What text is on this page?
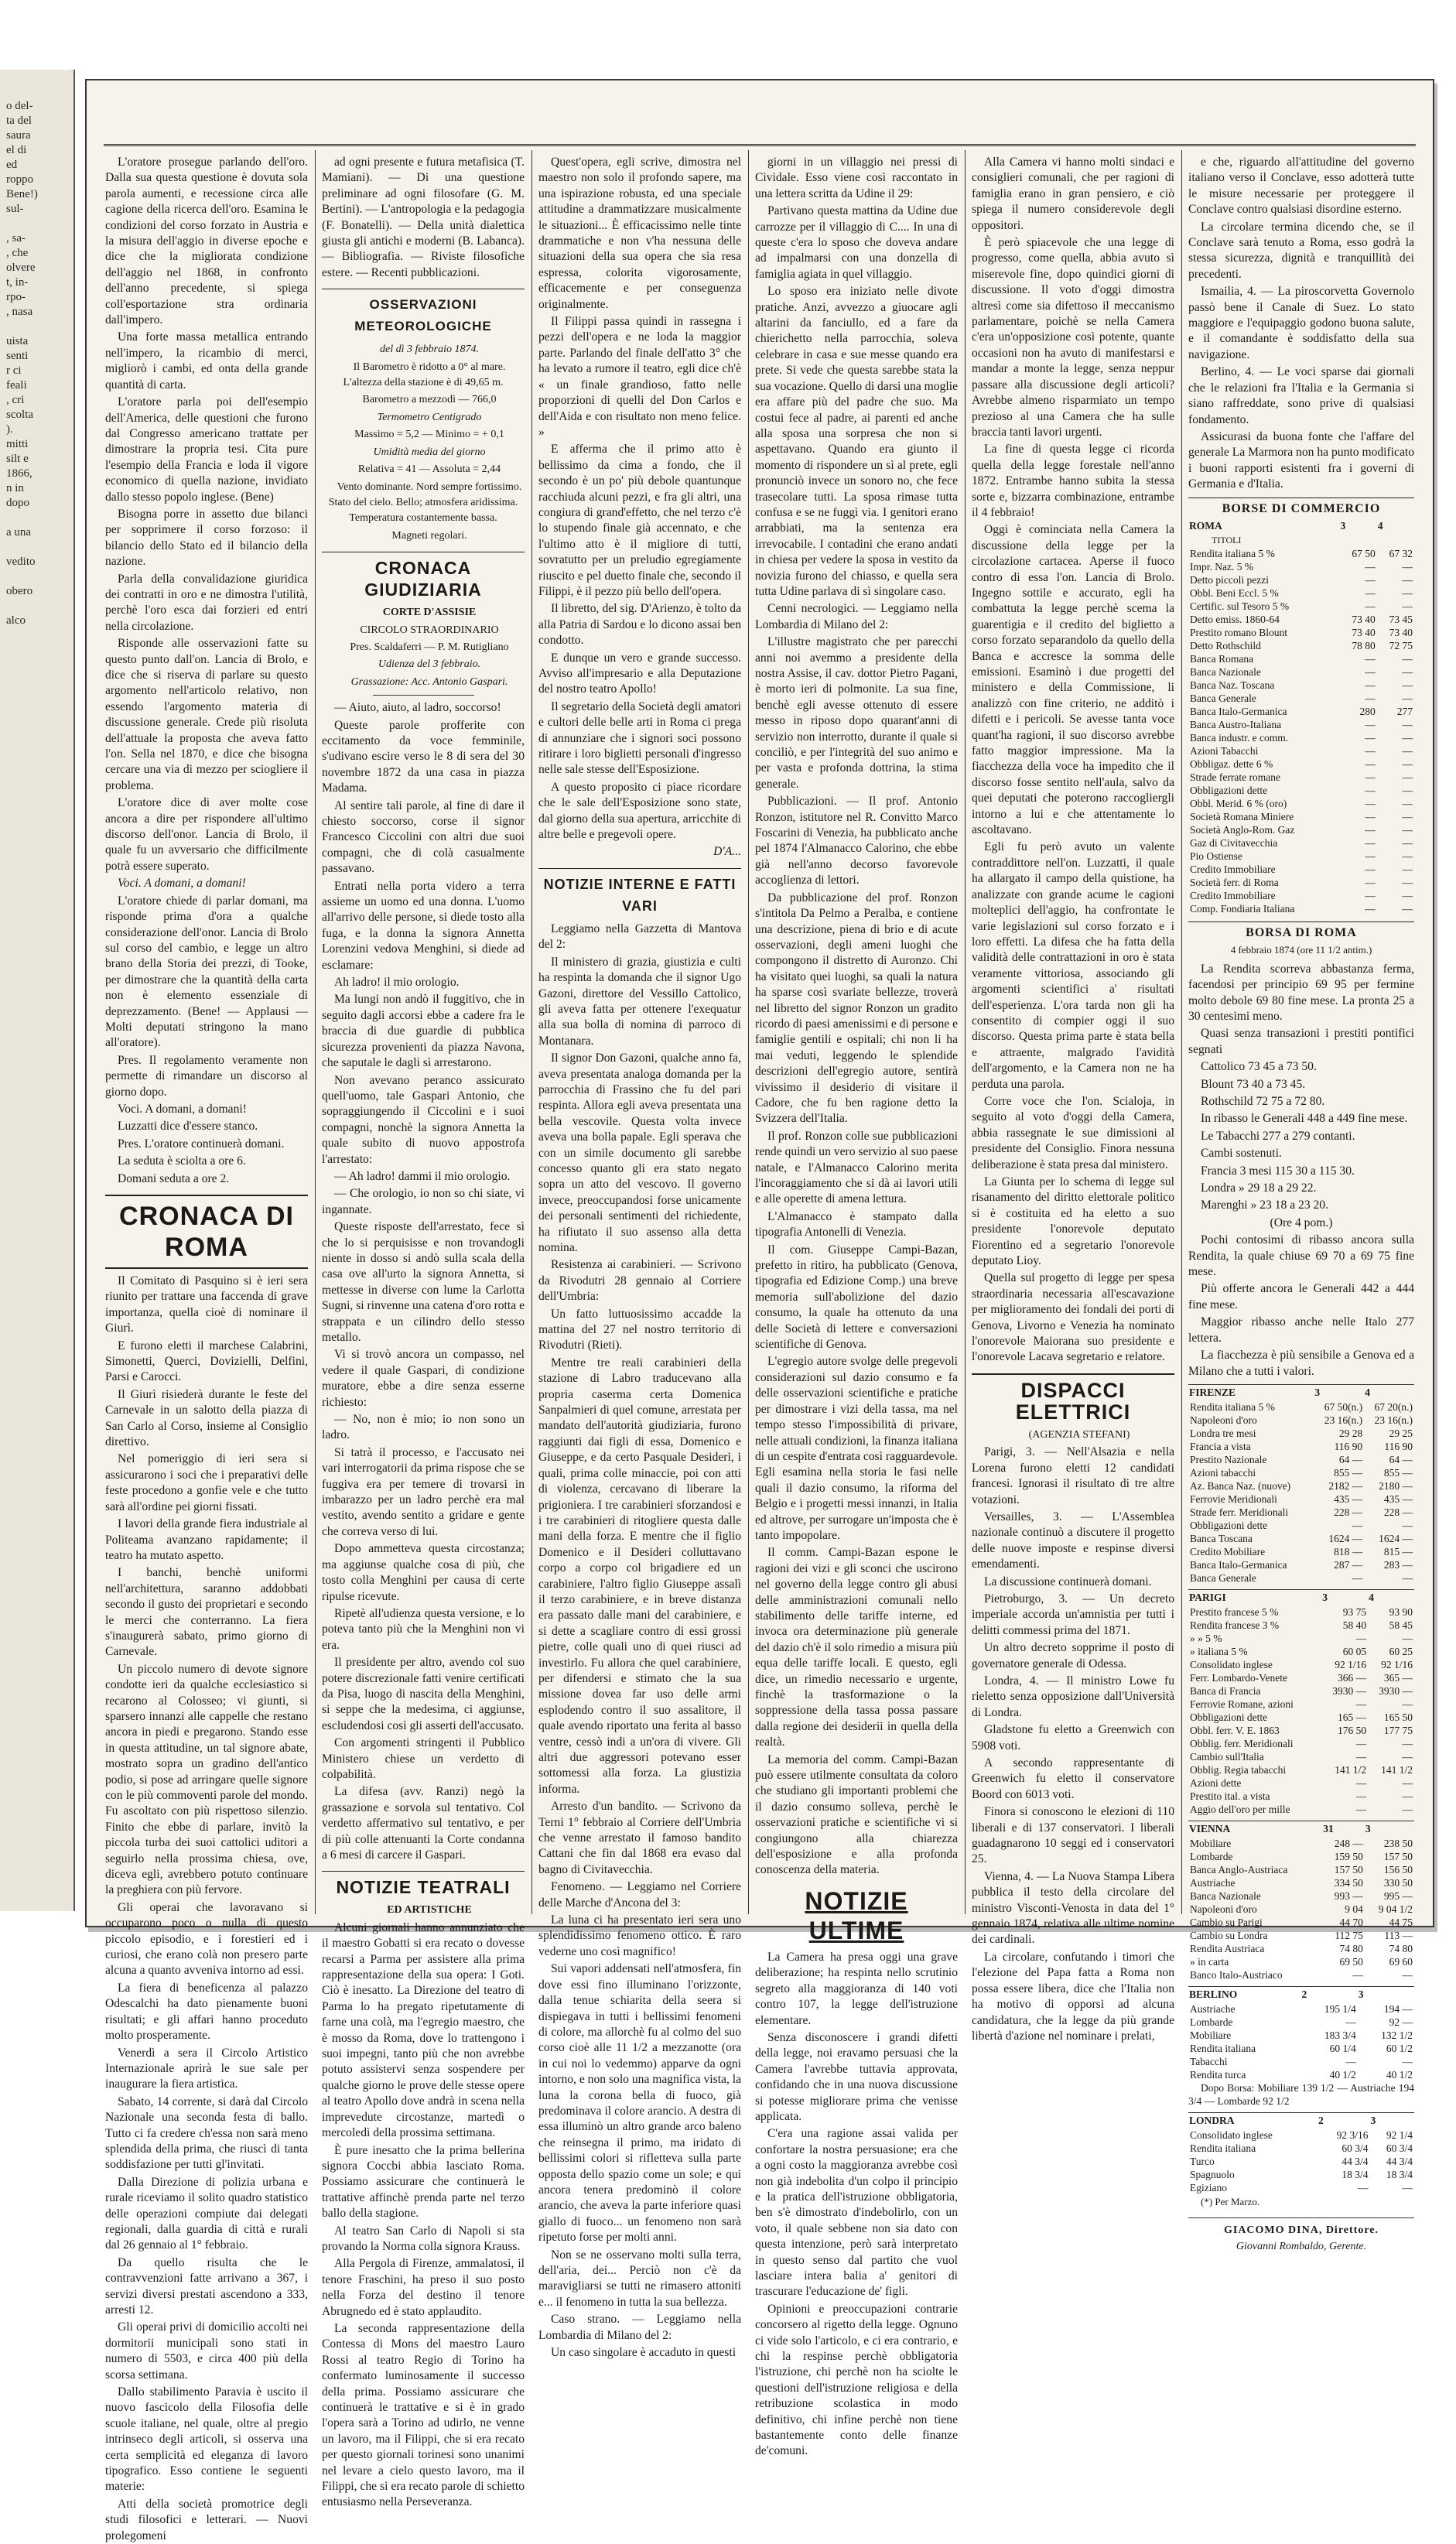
o del-
ta del
saura
el di
ed
roppo
Bene!)
sul-

, sa-
, che
olvere
t, in-
rpo-
, nasa

uista
senti
r ci
feali
, cri
scolta
).
mitti
silt e
1866,
n in
dopo

a una

vedito

obero

alco

L'oratore prosegue parlando dell'oro. Dalla sua questa questione è dovuta sola parola aumenti, e recessione circa alle cagione della ricerca dell'oro. Esamina le condizioni del corso forzato in Austria e la misura dell'aggio in diverse epoche e dice che la migliorata condizione dell'aggio nel 1868, in confronto dell'anno precedente, si spiega coll'esportazione stra ordinaria dall'impero.

Una forte massa metallica entrando nell'impero, la ricambio di merci, migliorò i cambi, ed onta della grande quantità di carta.

L'oratore parla poi dell'esempio dell'America, delle questioni che furono dal Congresso americano trattate per dimostrare la propria tesi. Cita pure l'esempio della Francia e loda il vigore economico di quella nazione, invidiato dallo stesso popolo inglese. (Bene)

Bisogna porre in assetto due bilanci per sopprimere il corso forzoso: il bilancio dello Stato ed il bilancio della nazione.

Parla della convalidazione giuridica dei contratti in oro e ne dimostra l'utilità, perchè l'oro esca dai forzieri ed entri nella circolazione.

Risponde alle osservazioni fatte su questo punto dall'on. Lancia di Brolo, e dice che si riserva di parlare su questo argomento nell'articolo relativo, non essendo l'argomento materia di discussione generale. Crede più risoluta dell'attuale la proposta che aveva fatto l'on. Sella nel 1870, e dice che bisogna cercare una via di mezzo per sciogliere il problema.

L'oratore dice di aver molte cose ancora a dire per rispondere all'ultimo discorso dell'onor. Lancia di Brolo, il quale fu un avversario che difficilmente potrà essere superato.

Voci. A domani, a domani!

L'oratore chiede di parlar domani, ma risponde prima d'ora a qualche considerazione dell'onor. Lancia di Brolo sul corso del cambio, e legge un altro brano della Storia dei prezzi, di Tooke, per dimostrare che la quantità della carta non è elemento essenziale di deprezzamento. (Bene! — Applausi — Molti deputati stringono la mano all'oratore).

Pres. Il regolamento veramente non permette di rimandare un discorso al giorno dopo.

Voci. A domani, a domani!

Luzzatti dice d'essere stanco.

Pres. L'oratore continuerà domani.

La seduta è sciolta a ore 6.

Domani seduta a ore 2.

CRONACA DI ROMA

Il Comitato di Pasquino si è ieri sera riunito per trattare una faccenda di grave importanza, quella cioè di nominare il Giurì.

E furono eletti il marchese Calabrini, Simonetti, Querci, Dovizielli, Delfini, Parsi e Carocci.

Il Giurì risiederà durante le feste del Carnevale in un salotto della piazza di San Carlo al Corso, insieme al Consiglio direttivo.

Nel pomeriggio di ieri sera si assicurarono i soci che i preparativi delle feste procedono a gonfie vele e che tutto sarà all'ordine pei giorni fissati.

I lavori della grande fiera industriale al Politeama avanzano rapidamente; il teatro ha mutato aspetto.

I banchi, benchè uniformi nell'architettura, saranno addobbati secondo il gusto dei proprietari e secondo le merci che conterranno. La fiera s'inaugurerà sabato, primo giorno di Carnevale.

Un piccolo numero di devote signore condotte ieri da qualche ecclesiastico si recarono al Colosseo; vi giunti, si sparsero innanzi alle cappelle che restano ancora in piedi e pregarono. Stando esse in questa attitudine, un tal signore abate, mostrato sopra un gradino dell'antico podio, si pose ad arringare quelle signore con le più commoventi parole del mondo. Fu ascoltato con più rispettoso silenzio. Finito che ebbe di parlare, invitò la piccola turba dei suoi cattolici uditori a seguirlo nella prossima chiesa, ove, diceva egli, avrebbero potuto continuare la preghiera con più fervore.

Gli operai che lavoravano si occuparono poco o nulla di questo piccolo episodio, e i forestieri ed i curiosi, che erano colà non presero parte alcuna a quanto avveniva intorno ad essi.

La fiera di beneficenza al palazzo Odescalchi ha dato pienamente buoni risultati; e gli affari hanno proceduto molto prosperamente.

Venerdì a sera il Circolo Artistico Internazionale aprirà le sue sale per inaugurare la fiera artistica.

Sabato, 14 corrente, si darà dal Circolo Nazionale una seconda festa di ballo. Tutto ci fa credere ch'essa non sarà meno splendida della prima, che riuscì di tanta soddisfazione per tutti gl'invitati.

Dalla Direzione di polizia urbana e rurale riceviamo il solito quadro statistico delle operazioni compiute dai delegati regionali, dalla guardia di città e rurali dal 26 gennaio al 1° febbraio.

Da quello risulta che le contravvenzioni fatte arrivano a 367, i servizi diversi prestati ascendono a 333, arresti 12.

Gli operai privi di domicilio accolti nei dormitorii municipali sono stati in numero di 5503, e circa 400 più della scorsa settimana.

Dallo stabilimento Paravia è uscito il nuovo fascicolo della Filosofia delle scuole italiane, nel quale, oltre al pregio intrinseco degli articoli, si osserva una certa semplicità ed eleganza di lavoro tipografico. Esso contiene le seguenti materie:

Atti della società promotrice degli studi filosofici e letterari. — Nuovi prolegomeni

ad ogni presente e futura metafisica (T. Mamiani). — Di una questione preliminare ad ogni filosofare (G. M. Bertini). — L'antropologia e la pedagogia (F. Bonatelli). — Della unità dialettica giusta gli antichi e moderni (B. Labanca). — Bibliografia. — Riviste filosofiche estere. — Recenti pubblicazioni.

OSSERVAZIONI METEOROLOGICHE

del dì 3 febbraio 1874.

Il Barometro è ridotto a 0° al mare. L'altezza della stazione è di 49,65 m.

Barometro a mezzodì — 766,0

Termometro Centigrado

Massimo = 5,2 — Minimo = + 0,1

Umidità media del giorno

Relativa = 41 — Assoluta = 2,44

Vento dominante. Nord sempre fortissimo. Stato del cielo. Bello; atmosfera aridissima. Temperatura costantemente bassa.

Magneti regolari.

CRONACA GIUDIZIARIA

CORTE D'ASSISIE

CIRCOLO STRAORDINARIO

Pres. Scaldaferri — P. M. Rutigliano

Udienza del 3 febbraio.

Grassazione: Acc. Antonio Gaspari.

— Aiuto, aiuto, al ladro, soccorso!

Queste parole profferite con eccitamento da voce femminile, s'udivano escire verso le 8 di sera del 30 novembre 1872 da una casa in piazza Madama.

Al sentire tali parole, al fine di dare il chiesto soccorso, corse il signor Francesco Ciccolini con altri due suoi compagni, che di colà casualmente passavano.

Entrati nella porta videro a terra assieme un uomo ed una donna. L'uomo all'arrivo delle persone, si diede tosto alla fuga, e la donna la signora Annetta Lorenzini vedova Menghini, si diede ad esclamare:

Ah ladro! il mio orologio.

Ma lungi non andò il fuggitivo, che in seguito dagli accorsi ebbe a cadere fra le braccia di due guardie di pubblica sicurezza provenienti da piazza Navona, che saputale le dagli sì arrestarono.

Non avevano peranco assicurato quell'uomo, tale Gaspari Antonio, che sopraggiungendo il Ciccolini e i suoi compagni, nonchè la signora Annetta la quale subito di nuovo appostrofa l'arrestato:

— Ah ladro! dammi il mio orologio.

— Che orologio, io non so chi siate, vi ingannate.

Queste risposte dell'arrestato, fece sì che lo si perquisisse e non trovandogli niente in dosso si andò sulla scala della casa ove all'urto la signora Annetta, si mettesse in diverse con lume la Carlotta Sugni, si rinvenne una catena d'oro rotta e strappata e un cilindro dello stesso metallo.

Vi si trovò ancora un compasso, nel vedere il quale Gaspari, di condizione muratore, ebbe a dire senza esserne richiesto:

— No, non è mio; io non sono un ladro.

Si tatrà il processo, e l'accusato nei vari interrogatorii da prima rispose che se fuggiva era per temere di trovarsi in imbarazzo per un ladro perchè era mal vestito, avendo sentito a gridare e gente che correva verso di lui.

Dopo ammetteva questa circostanza; ma aggiunse qualche cosa di più, che tosto colla Menghini per causa di certe ripulse ricevute.

Ripetè all'udienza questa versione, e lo poteva tanto più che la Menghini non vi era.

Il presidente per altro, avendo col suo potere discrezionale fatti venire certificati da Pisa, luogo di nascita della Menghini, si seppe che la medesima, ci aggiunse, escludendosi così gli asserti dell'accusato.

Con argomenti stringenti il Pubblico Ministero chiese un verdetto di colpabilità.

La difesa (avv. Ranzi) negò la grassazione e sorvola sul tentativo. Col verdetto affermativo sul tentativo, e per di più colle attenuanti la Corte condanna a 6 mesi di carcere il Gaspari.

NOTIZIE TEATRALI

ED ARTISTICHE

Alcuni giornali hanno annunziato che il maestro Gobatti si era recato o dovesse recarsi a Parma per assistere alla prima rappresentazione della sua opera: I Goti. Ciò è inesatto. La Direzione del teatro di Parma lo ha pregato ripetutamente di farne una colà, ma l'egregio maestro, che è mosso da Roma, dove lo trattengono i suoi impegni, tanto più che non avrebbe potuto assistervi senza sospendere per qualche giorno le prove delle stesse opere al teatro Apollo dove andrà in scena nella imprevedute circostanze, martedì o mercoledì della prossima settimana.

È pure inesatto che la prima bellerina signora Coccbi abbia lasciato Roma. Possiamo assicurare che continuerà le trattative affinchè prenda parte nel terzo ballo della stagione.

Al teatro San Carlo di Napoli si sta provando la Norma colla signora Krauss.

Alla Pergola di Firenze, ammalatosi, il tenore Fraschini, ha preso il suo posto nella Forza del destino il tenore Abrugnedo ed è stato applaudito.

La seconda rappresentazione della Contessa di Mons del maestro Lauro Rossi al teatro Regio di Torino ha confermato luminosamente il successo della prima. Possiamo assicurare che continuerà le trattative e si è in grado l'opera sarà a Torino ad udirlo, ne venne un lavoro, ma il Filippi, che si era recato per questo giornali torinesi sono unanimi nel levare a cielo questo lavoro, ma il Filippi, che si era recato parole di schietto entusiasmo nella Perseveranza.

Quest'opera, egli scrive, dimostra nel maestro non solo il profondo sapere, ma una ispirazione robusta, ed una speciale attitudine a drammatizzare musicalmente le situazioni... È efficacissimo nelle tinte drammatiche e non v'ha nessuna delle situazioni della sua opera che sia resa espressa, colorita vigorosamente, efficacemente e per conseguenza originalmente.

Il Filippi passa quindi in rassegna i pezzi dell'opera e ne loda la maggior parte. Parlando del finale dell'atto 3° che ha levato a rumore il teatro, egli dice ch'è « un finale grandioso, fatto nelle proporzioni di quelli del Don Carlos e dell'Aida e con risultato non meno felice. »

E afferma che il primo atto è bellissimo da cima a fondo, che il secondo è un po' più debole quantunque racchiuda alcuni pezzi, e fra gli altri, una congiura di grand'effetto, che nel terzo c'è lo stupendo finale già accennato, e che l'ultimo atto è il migliore di tutti, sovratutto per un preludio egregiamente riuscito e pel duetto finale che, secondo il Filippi, è il pezzo più bello dell'opera.

Il libretto, del sig. D'Arienzo, è tolto da alla Patria di Sardou e lo dicono assai ben condotto.

E dunque un vero e grande successo. Avviso all'impresario e alla Deputazione del nostro teatro Apollo!

Il segretario della Società degli amatori e cultori delle belle arti in Roma ci prega di annunziare che i signori soci possono ritirare i loro biglietti personali d'ingresso nelle sale stesse dell'Esposizione.

A questo proposito ci piace ricordare che le sale dell'Esposizione sono state, dal giorno della sua apertura, arricchite di altre belle e pregevoli opere.

D'A...

NOTIZIE INTERNE E FATTI VARI

Leggiamo nella Gazzetta di Mantova del 2:

Il ministero di grazia, giustizia e culti ha respinta la domanda che il signor Ugo Gazoni, direttore del Vessillo Cattolico, gli aveva fatta per ottenere l'exequatur alla sua bolla di nomina di parroco di Montanara.

Il signor Don Gazoni, qualche anno fa, aveva presentata analoga domanda per la parrocchia di Frassino che fu del pari respinta. Allora egli aveva presentata una bella vescovile. Questa volta invece aveva una bolla papale. Egli sperava che con un simile documento gli sarebbe concesso quanto gli era stato negato sopra un atto del vescovo. Il governo invece, preoccupandosi forse unicamente dei personali sentimenti del richiedente, ha rifiutato il suo assenso alla detta nomina.

Resistenza ai carabinieri. — Scrivono da Rivodutri 28 gennaio al Corriere dell'Umbria:

Un fatto luttuosissimo accadde la mattina del 27 nel nostro territorio di Rivodutri (Rieti).

Mentre tre reali carabinieri della stazione di Labro traducevano alla propria caserma certa Domenica Sanpalmieri di quel comune, arrestata per mandato dell'autorità giudiziaria, furono raggiunti dai figli di essa, Domenico e Giuseppe, e da certo Pasquale Desideri, i quali, prima colle minaccie, poi con atti di violenza, cercavano di liberare la prigioniera. I tre carabinieri sforzandosi e i tre carabinieri di ritogliere questa dalle mani della forza. E mentre che il figlio Domenico e il Desideri colluttavano corpo a corpo col brigadiere ed un carabiniere, l'altro figlio Giuseppe assalì il terzo carabiniere, e in breve distanza era passato dalle mani del carabiniere, e si dette a scagliare contro di essi grossi pietre, colle quali uno di quei riusci ad investirlo. Fu allora che quel carabiniere, per difendersi e stimato che la sua missione dovea far uso delle armi esplodendo contro il suo assalitore, il quale avendo riportato una ferita al basso ventre, cessò indi a un'ora di vivere. Gli altri due aggressori potevano esser sottomessi alla forza. La giustizia informa.

Arresto d'un bandito. — Scrivono da Terni 1° febbraio al Corriere dell'Umbria che venne arrestato il famoso bandito Cattani che fin dal 1868 era evaso dal bagno di Civitavecchia.

Fenomeno. — Leggiamo nel Corriere delle Marche d'Ancona del 3:

La luna ci ha presentato ieri sera uno splendidissimo fenomeno ottico. È raro vederne uno così magnifico!

Sui vapori addensati nell'atmosfera, fin dove essi fino illuminano l'orizzonte, dalla tenue schiarita della seera si dispiegava in tutti i bellissimi fenomeni di colore, ma allorchè fu al colmo del suo corso cioè alle 11 1/2 a mezzanotte (ora in cui noi lo vedemmo) apparve da ogni intorno, e non solo una magnifica vista, la luna la corona bella di fuoco, già predominava il colore arancio. A destra di essa illuminò un altro grande arco baleno che reinsegna il primo, ma iridato di bellissimi colori si rifletteva sulla parte opposta dello spazio come un sole; e qui ancora tenera predominò il colore arancio, che aveva la parte inferiore quasi giallo di fuoco... un fenomeno non sarà ripetuto forse per molti anni.

Non se ne osservano molti sulla terra, dell'aria, dei... Perciò non c'è da maravigliarsi se tutti ne rimasero attoniti e... il fenomeno in tutta la sua bellezza.

Caso strano. — Leggiamo nella Lombardia di Milano del 2:

Un caso singolare è accaduto in questi

giorni in un villaggio nei pressi di Cividale. Esso viene così raccontato in una lettera scritta da Udine il 29:

Partivano questa mattina da Udine due carrozze per il villaggio di C.... In una di queste c'era lo sposo che doveva andare ad impalmarsi con una donzella di famiglia agiata in quel villaggio.

Lo sposo era iniziato nelle divote pratiche. Anzi, avvezzo a giuocare agli altarini da fanciullo, ed a fare da chierichetto nella parrocchia, soleva celebrare in casa e sue messe quando era prete. Si vede che questa sarebbe stata la sua vocazione. Quello di darsi una moglie era affare più del padre che suo. Ma costui fece al padre, ai parenti ed anche alla sposa una sorpresa che non si aspettavano. Quando era giunto il momento di rispondere un sì al prete, egli pronunciò invece un sonoro no, che fece trasecolare tutti. La sposa rimase tutta confusa e se ne fuggì via. I genitori erano arrabbiati, ma la sentenza era irrevocabile. I contadini che erano andati in chiesa per vedere la sposa in vestito da novizia furono del chiasso, e quella sera tutta Udine parlava di sì singolare caso.

Cenni necrologici. — Leggiamo nella Lombardia di Milano del 2:

L'illustre magistrato che per parecchi anni noi avemmo a presidente della nostra Assise, il cav. dottor Pietro Pagani, è morto ieri di polmonite. La sua fine, benchè egli avesse ottenuto di essere messo in riposo dopo quarant'anni di servizio non interrotto, durante il quale si conciliò, e per l'integrità del suo animo e per vasta e profonda dottrina, la stima generale.

Pubblicazioni. — Il prof. Antonio Ronzon, istitutore nel R. Convitto Marco Foscarini di Venezia, ha pubblicato anche pel 1874 l'Almanacco Calorino, che ebbe già nell'anno decorso favorevole accoglienza di lettori.

Da pubblicazione del prof. Ronzon s'intitola Da Pelmo a Peralba, e contiene una descrizione, piena di brio e di acute osservazioni, degli ameni luoghi che compongono il distretto di Auronzo. Chi ha visitato quei luoghi, sa quali la natura ha sparse così svariate bellezze, troverà nel libretto del signor Ronzon un gradito ricordo di paesi amenissimi e di persone e famiglie gentili e ospitali; chi non li ha mai veduti, leggendo le splendide descrizioni dell'egregio autore, sentirà vivissimo il desiderio di visitare il Cadore, che fu ben ragione detto la Svizzera dell'Italia.

Il prof. Ronzon colle sue pubblicazioni rende quindi un vero servizio al suo paese natale, e l'Almanacco Calorino merita l'incoraggiamento che si dà ai lavori utili e alle operette di amena lettura.

L'Almanacco è stampato dalla tipografia Antonelli di Venezia.

Il com. Giuseppe Campi-Bazan, prefetto in ritiro, ha pubblicato (Genova, tipografia ed Edizione Comp.) una breve memoria sull'abolizione del dazio consumo, la quale ha ottenuto da una delle Società di lettere e conversazioni scientifiche di Genova.

L'egregio autore svolge delle pregevoli considerazioni sul dazio consumo e fa delle osservazioni scientifiche e pratiche per dimostrare i vizi della tassa, ma nel tempo stesso l'impossibilità di privare, nelle attuali condizioni, la finanza italiana di un cespite d'entrata così ragguardevole. Egli esamina nella storia le fasi nelle quali il dazio consumo, la riforma del Belgio e i progetti messi innanzi, in Italia ed altrove, per surrogare un'imposta che è tanto impopolare.

Il comm. Campi-Bazan espone le ragioni dei vizi e gli sconci che uscirono nel governo della legge contro gli abusi delle amministrazioni comunali nello stabilimento delle tariffe interne, ed invoca ora determinazione più generale del dazio ch'è il solo rimedio a misura più equa delle tariffe locali. E questo, egli dice, un rimedio necessario e urgente, finchè la trasformazione o la soppressione della tassa possa passare dalla regione dei desiderii in quella della realtà.

La memoria del comm. Campi-Bazan può essere utilmente consultata da coloro che studiano gli importanti problemi che il dazio consumo solleva, perchè le osservazioni pratiche e scientifiche vi si congiungono alla chiarezza dell'esposizione e alla profonda conoscenza della materia.

NOTIZIE ULTIME

La Camera ha presa oggi una grave deliberazione; ha respinta nello scrutinio segreto alla maggioranza di 140 voti contro 107, la legge dell'istruzione elementare.

Senza disconoscere i grandi difetti della legge, noi eravamo persuasi che la Camera l'avrebbe tuttavia approvata, confidando che in una nuova discussione si potesse migliorare prima che venisse applicata.

C'era una ragione assai valida per confortare la nostra persuasione; era che a ogni costo la maggioranza avrebbe così non già indebolita d'un colpo il principio e la pratica dell'istruzione obbligatoria, ben s'è dimostrato d'indebolirlo, con un voto, il quale sebbene non sia dato con questa intenzione, però sarà interpretato in questo senso dal partito che vuol lasciare intera balia a' genitori di trascurare l'educazione de' figli.

Opinioni e preoccupazioni contrarie concorsero al rigetto della legge. Ognuno ci vide solo l'articolo, e ci era contrario, e chi la respinse perchè obbligatoria l'istruzione, chi perchè non ha sciolte le questioni dell'istruzione religiosa e della retribuzione scolastica in modo definitivo, chi infine perchè non tiene bastantemente conto delle finanze de'comuni.

Alla Camera vi hanno molti sindaci e consiglieri comunali, che per ragioni di famiglia erano in gran pensiero, e ciò spiega il numero considerevole degli oppositori.

È però spiacevole che una legge di progresso, come quella, abbia avuto sì miserevole fine, dopo quindici giorni di discussione. Il voto d'oggi dimostra altresì come sia difettoso il meccanismo parlamentare, poichè se nella Camera c'era un'opposizione così potente, quante occasioni non ha avuto di manifestarsi e mandar a monte la legge, senza neppur passare alla discussione degli articoli? Avrebbe almeno risparmiato un tempo prezioso al una Camera che ha sulle braccia tanti lavori urgenti.

La fine di questa legge ci ricorda quella della legge forestale nell'anno 1872. Entrambe hanno subita la stessa sorte e, bizzarra combinazione, entrambe il 4 febbraio!

Oggi è cominciata nella Camera la discussione della legge per la circolazione cartacea. Aperse il fuoco contro di essa l'on. Lancia di Brolo. Ingegno sottile e accurato, egli ha combattuta la legge perchè scema la guarentigia e il credito del biglietto a corso forzato separandolo da quello della Banca e accresce la somma delle emissioni. Esaminò i due progetti del ministero e della Commissione, li analizzò con fine criterio, ne additò i difetti e i pericoli. Se avesse tanta voce quant'ha ragioni, il suo discorso avrebbe fatto maggior impressione. Ma la fiacchezza della voce ha impedito che il discorso fosse sentito nell'aula, salvo da quei deputati che poterono raccogliergli intorno a lui e che attentamente lo ascoltavano.

Egli fu però avuto un valente contraddittore nell'on. Luzzatti, il quale ha allargato il campo della quistione, ha analizzate con grande acume le cagioni molteplici dell'aggio, ha confrontate le varie legislazioni sul corso forzato e i loro effetti. La difesa che ha fatta della validità delle contrattazioni in oro è stata veramente vittoriosa, associando gli argomenti scientifici a' risultati dell'esperienza. L'ora tarda non gli ha consentito di compier oggi il suo discorso. Questa prima parte è stata bella e attraente, malgrado l'avidità dell'argomento, e la Camera non ne ha perduta una parola.

Corre voce che l'on. Scialoja, in seguito al voto d'oggi della Camera, abbia rassegnate le sue dimissioni al presidente del Consiglio. Finora nessuna deliberazione è stata presa dal ministero.

La Giunta per lo schema di legge sul risanamento del diritto elettorale politico si è costituita ed ha eletto a suo presidente l'onorevole deputato Fiorentino ed a segretario l'onorevole deputato Lioy.

Quella sul progetto di legge per spesa straordinaria necessaria all'escavazione per miglioramento dei fondali dei porti di Genova, Livorno e Venezia ha nominato l'onorevole Maiorana suo presidente e l'onorevole Lacava segretario e relatore.

DISPACCI ELETTRICI

(AGENZIA STEFANI)

Parigi, 3. — Nell'Alsazia e nella Lorena furono eletti 12 candidati francesi. Ignorasi il risultato di tre altre votazioni.

Versailles, 3. — L'Assemblea nazionale continuò a discutere il progetto delle nuove imposte e respinse diversi emendamenti.

La discussione continuerà domani.

Pietroburgo, 3. — Un decreto imperiale accorda un'amnistia per tutti i delitti commessi prima del 1871.

Un altro decreto sopprime il posto di governatore generale di Odessa.

Londra, 4. — Il ministro Lowe fu rieletto senza opposizione dall'Università di Londra.

Gladstone fu eletto a Greenwich con 5908 voti.

A secondo rappresentante di Greenwich fu eletto il conservatore Boord con 6013 voti.

Finora si conoscono le elezioni di 110 liberali e di 137 conservatori. I liberali guadagnarono 10 seggi ed i conservatori 25.

Vienna, 4. — La Nuova Stampa Libera pubblica il testo della circolare del ministro Visconti-Venosta in data del 1° gennaio 1874, relativa alle ultime nomine dei cardinali.

La circolare, confutando i timori che l'elezione del Papa fatta a Roma non possa essere libera, dice che l'Italia non ha motivo di opporsi ad alcuna candidatura, che la legge da più grande libertà d'azione nel nominare i prelati,

e che, riguardo all'attitudine del governo italiano verso il Conclave, esso adotterà tutte le misure necessarie per proteggere il Conclave contro qualsiasi disordine esterno.

La circolare termina dicendo che, se il Conclave sarà tenuto a Roma, esso godrà la stessa sicurezza, dignità e tranquillità dei precedenti.

Ismailia, 4. — La piroscorvetta Governolo passò bene il Canale di Suez. Lo stato maggiore e l'equipaggio godono buona salute, e il comandante è soddisfatto della sua navigazione.

Berlino, 4. — Le voci sparse dai giornali che le relazioni fra l'Italia e la Germania si siano raffreddate, sono prive di qualsiasi fondamento.

Assicurasi da buona fonte che l'affare del generale La Marmora non ha punto modificato i buoni rapporti esistenti fra i governi di Germania e d'Italia.

BORSE DI COMMERCIO
ROMA	3	4
TITOLI		
Rendita italiana 5 %	67 50	67 32
Impr. Naz. 5 %	—	—
Detto piccoli pezzi	—	—
Obbl. Beni Eccl. 5 %	—	—
Certific. sul Tesoro 5 %	—	—
Detto emiss. 1860-64	73 40	73 45
Prestito romano Blount	73 40	73 40
Detto Rothschild	78 80	72 75
Banca Romana	—	—
Banca Nazionale	—	—
Banca Naz. Toscana	—	—
Banca Generale	—	—
Banca Italo-Germanica	280	277
Banca Austro-Italiana	—	—
Banca industr. e comm.	—	—
Azioni Tabacchi	—	—
Obbligaz. dette 6 %	—	—
Strade ferrate romane	—	—
Obbligazioni dette	—	—
Obbl. Merid. 6 % (oro)	—	—
Società Romana Miniere	—	—
Società Anglo-Rom. Gaz	—	—
Gaz di Civitavecchia	—	—
Pio Ostiense	—	—
Credito Immobiliare	—	—
Società ferr. di Roma	—	—
Credito Immobiliare	—	—
Comp. Fondiaria Italiana	—	—
BORSA DI ROMA
4 febbraio 1874 (ore 11 1/2 antim.)

La Rendita scorreva abbastanza ferma, facendosi per principio 69 95 per fermine molto debole 69 80 fine mese. La pronta 25 a 30 centesimi meno.

Quasi senza transazioni i prestiti pontifici segnati

Cattolico 73 45 a 73 50.

Blount 73 40 a 73 45.

Rothschild 72 75 a 72 80.

In ribasso le Generali 448 a 449 fine mese.

Le Tabacchi 277 a 279 contanti.

Cambi sostenuti.

Francia 3 mesi 115 30 a 115 30.

Londra » 29 18 a 29 22.

Marenghi » 23 18 a 23 20.

(Ore 4 pom.)

Pochi contosimi di ribasso ancora sulla Rendita, la quale chiuse 69 70 a 69 75 fine mese.

Più offerte ancora le Generali 442 a 444 fine mese.

Maggior ribasso anche nelle Italo 277 lettera.

La fiacchezza è più sensibile a Genova ed a Milano che a tutti i valori.

FIRENZE	3	4
Rendita italiana 5 %	67 50(n.)	67 20(n.)
Napoleoni d'oro	23 16(n.)	23 16(n.)
Londra tre mesi	29 28	29 25
Francia a vista	116 90	116 90
Prestito Nazionale	64 —	64 —
Azioni tabacchi	855 —	855 —
Az. Banca Naz. (nuove)	2182 —	2180 —
Ferrovie Meridionali	435 —	435 —
Strade ferr. Meridionali	228 —	228 —
Obbligazioni dette	—	—
Banca Toscana	1624 —	1624 —
Credito Mobiliare	818 —	815 —
Banca Italo-Germanica	287 —	283 —
Banca Generale	—	—
PARIGI	3	4
Prestito francese 5 %	93 75	93 90
Rendita francese 3 %	58 40	58 45
» » 5 %	—	—
» italiana 5 %	60 05	60 25
Consolidato inglese	92 1/16	92 1/16
Ferr. Lombardo-Venete	366 —	365 —
Banca di Francia	3930 —	3930 —
Ferrovie Romane, azioni	—	—
Obbligazioni dette	165 —	165 50
Obbl. ferr. V. E. 1863	176 50	177 75
Obblig. ferr. Meridionali	—	—
Cambio sull'Italia	—	—
Obblig. Regia tabacchi	141 1/2	141 1/2
Azioni dette	—	—
Prestito ital. a vista	—	—
Aggio dell'oro per mille	—	—
VIENNA	31	3
Mobiliare	248 —	238 50
Lombarde	159 50	157 50
Banca Anglo-Austriaca	157 50	156 50
Austriache	334 50	330 50
Banca Nazionale	993 —	995 —
Napoleoni d'oro	9 04	9 04 1/2
Cambio su Parigi	44 70	44 75
Cambio su Londra	112 75	113 —
Rendita Austriaca	74 80	74 80
» in carta	69 50	69 60
Banco Italo-Austriaco	—	—
BERLINO	2	3
Austriache	195 1/4	194 —
Lombarde	—	92 —
Mobiliare	183 3/4	132 1/2
Rendita italiana	60 1/4	60 1/2
Tabacchi	—	—
Rendita turca	40 1/2	40 1/2

Dopo Borsa: Mobiliare 139 1/2 — Austriache 194 3/4 — Lombarde 92 1/2

LONDRA	2	3
Consolidato inglese	92 3/16	92 1/4
Rendita italiana	60 3/4	60 3/4
Turco	44 3/4	44 3/4
Spagnuolo	18 3/4	18 3/4
Egiziano	—	—

(*) Per Marzo.

GIACOMO DINA, Direttore.
Giovanni Rombaldo, Gerente.
